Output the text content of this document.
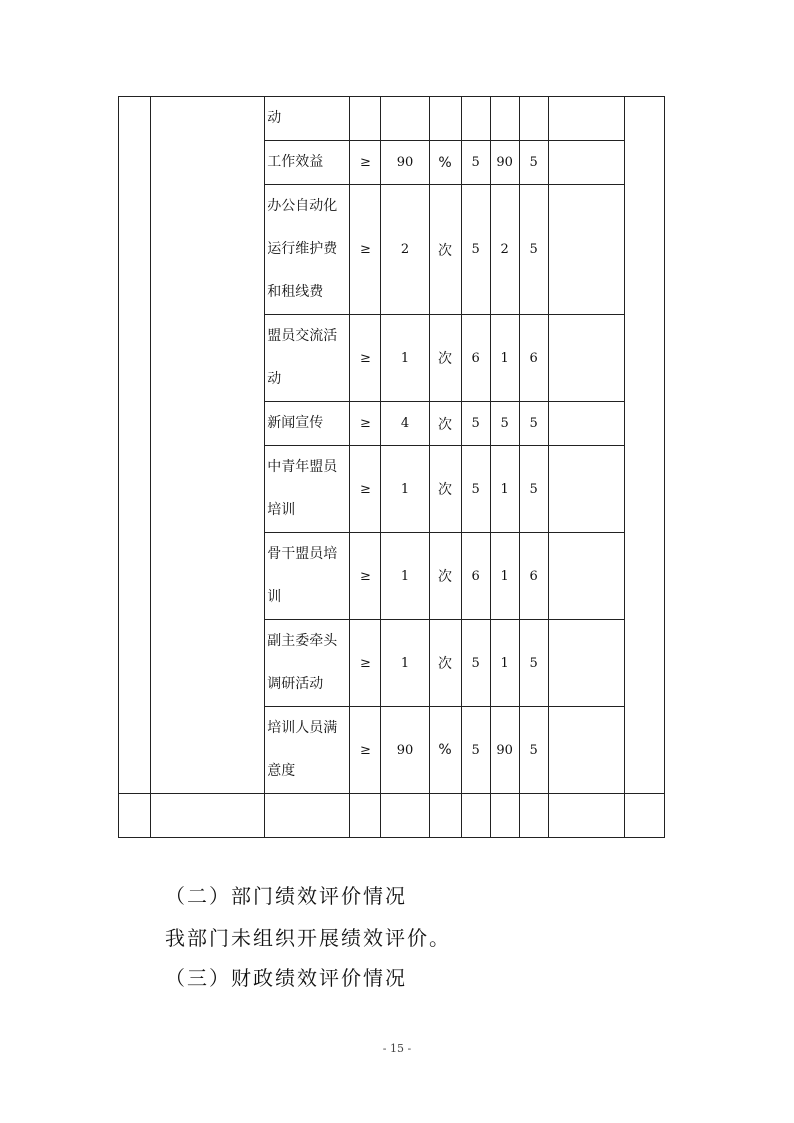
		动								
		工作效益	≥	90	%	5	90	5		
		办公自动化运行维护费和租线费	≥	2	次	5	2	5		
		盟员交流活动	≥	1	次	6	1	6		
		新闻宣传	≥	4	次	5	5	5		
		中青年盟员培训	≥	1	次	5	1	5		
		骨干盟员培训	≥	1	次	6	1	6		
		副主委牵头调研活动	≥	1	次	5	1	5		
		培训人员满意度	≥	90	%	5	90	5		

（二）部门绩效评价情况
我部门未组织开展绩效评价。
（三）财政绩效评价情况
- 15 -
